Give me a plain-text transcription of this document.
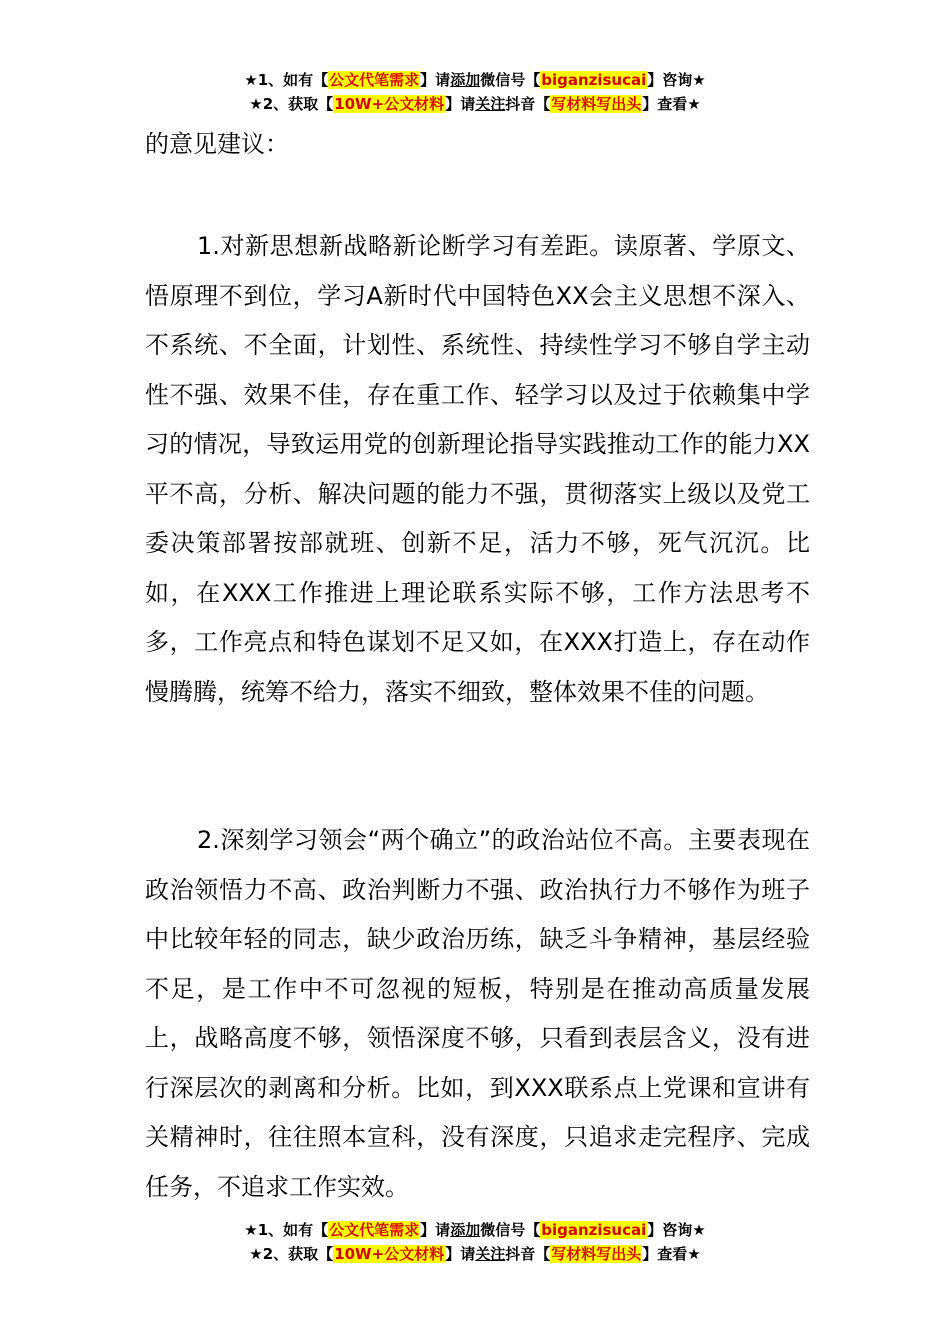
★1、如有【公文代笔需求】请添加微信号【biganzisucai】咨询★
★2、获取【10W+公文材料】请关注抖音【写材料写出头】查看★

的意见建议：

1.对新思想新战略新论断学习有差距。读原著、学原文、悟原理不到位，学习A新时代中国特色XX会主义思想不深入、不系统、不全面，计划性、系统性、持续性学习不够自学主动性不强、效果不佳，存在重工作、轻学习以及过于依赖集中学习的情况，导致运用党的创新理论指导实践推动工作的能力XX平不高，分析、解决问题的能力不强，贯彻落实上级以及党工委决策部署按部就班、创新不足，活力不够，死气沉沉。比如，在XXX工作推进上理论联系实际不够，工作方法思考不多，工作亮点和特色谋划不足又如，在XXX打造上，存在动作慢腾腾，统筹不给力，落实不细致，整体效果不佳的问题。

2.深刻学习领会“两个确立”的政治站位不高。主要表现在政治领悟力不高、政治判断力不强、政治执行力不够作为班子中比较年轻的同志，缺少政治历练，缺乏斗争精神，基层经验不足，是工作中不可忽视的短板，特别是在推动高质量发展上，战略高度不够，领悟深度不够，只看到表层含义，没有进行深层次的剥离和分析。比如，到XXX联系点上党课和宣讲有关精神时，往往照本宣科，没有深度，只追求走完程序、完成任务，不追求工作实效。

★1、如有【公文代笔需求】请添加微信号【biganzisucai】咨询★
★2、获取【10W+公文材料】请关注抖音【写材料写出头】查看★
